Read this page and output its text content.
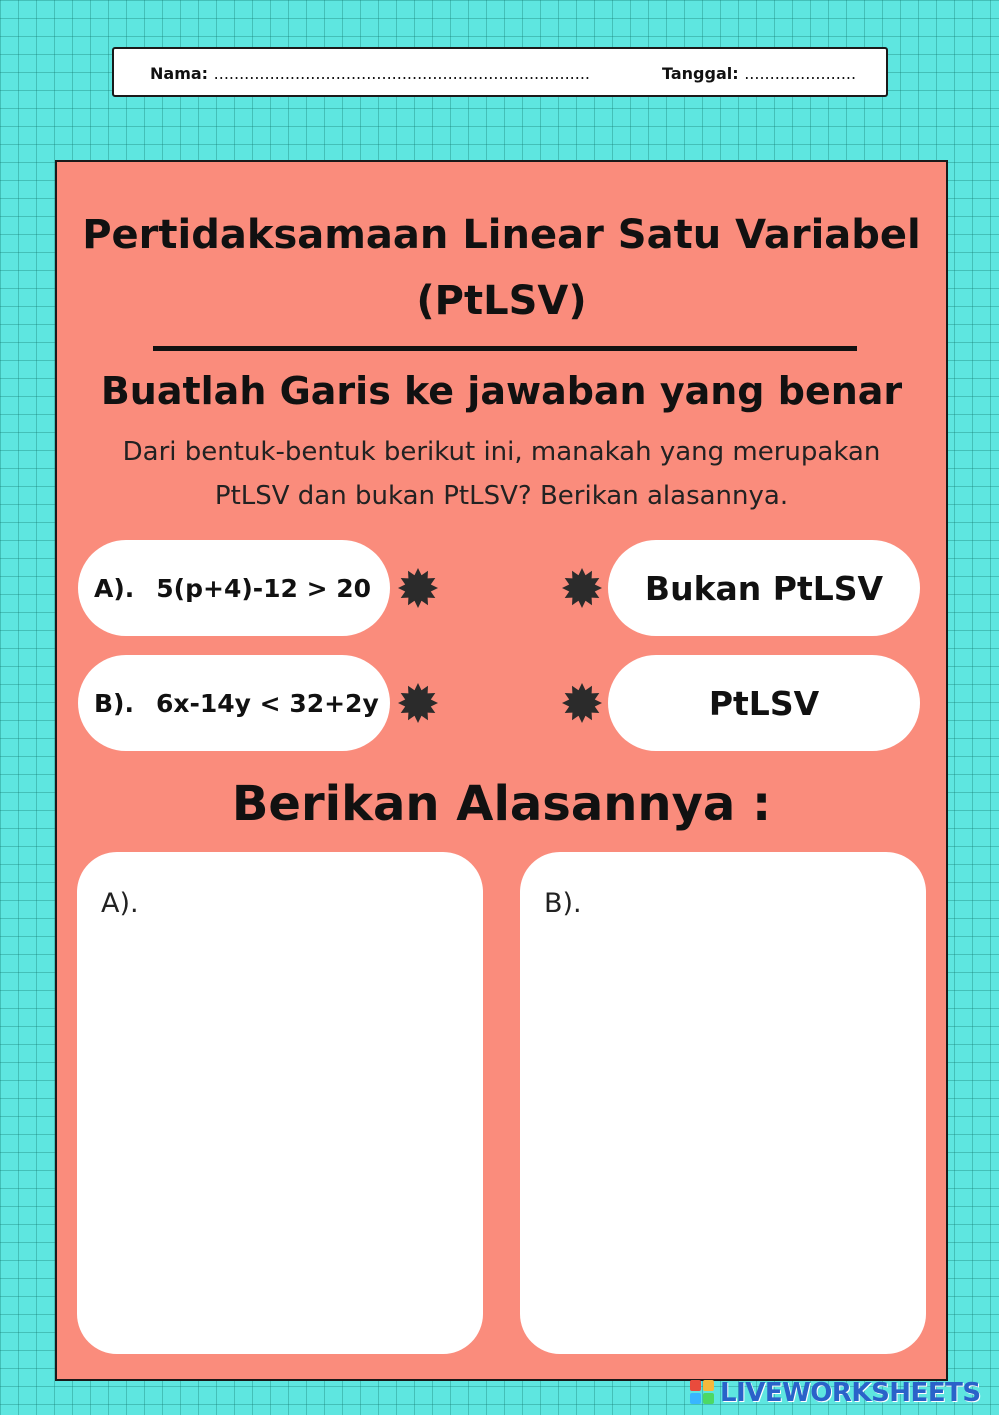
Nama: ..........................................................................	Tanggal: ......................
Pertidaksamaan Linear Satu Variabel
(PtLSV)
Buatlah Garis ke jawaban yang benar
Dari bentuk-bentuk berikut ini, manakah yang merupakan
PtLSV dan bukan PtLSV? Berikan alasannya.
A). 5(p+4)-12 > 20	Bukan PtLSV
B). 6x-14y < 32+2y	PtLSV
Berikan Alasannya :
A).	B).
LIVEWORKSHEETS
